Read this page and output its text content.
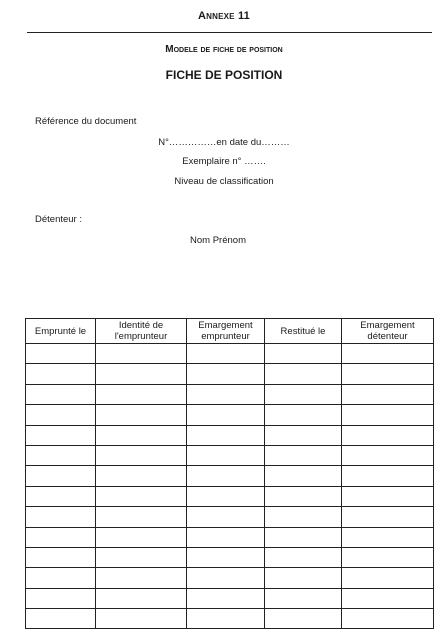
Annexe 11
Modele de fiche de position
FICHE DE POSITION
Référence du document
N°……………en date du………
Exemplaire n° …….
Niveau de classification
Détenteur :
Nom Prénom
Emprunté le	Identité de l'emprunteur	Emargement emprunteur	Restitué le	Emargement détenteur
